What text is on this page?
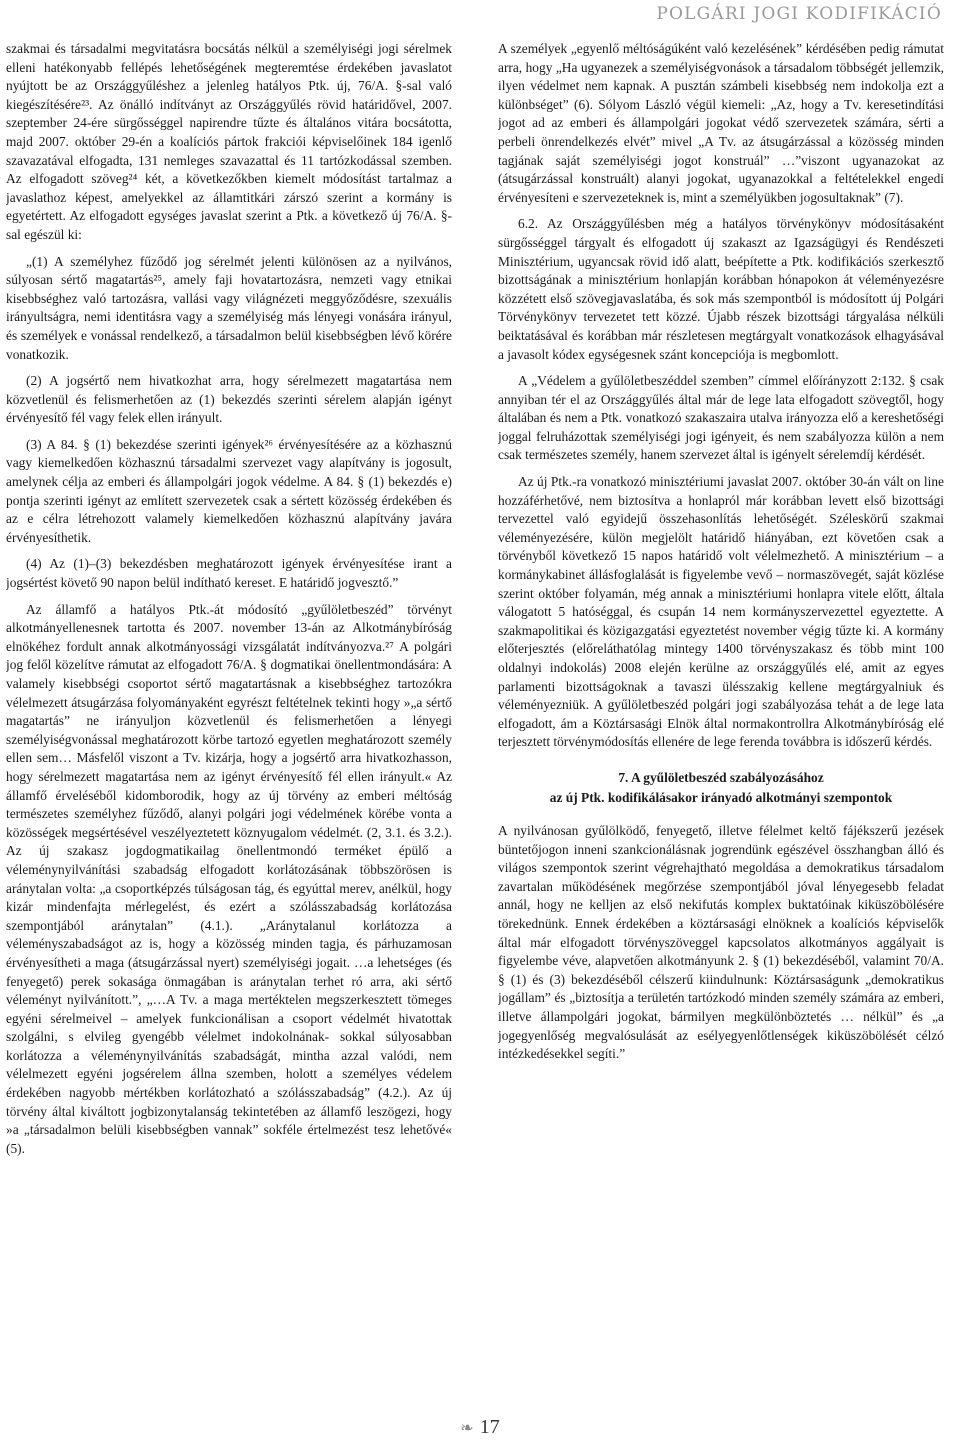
POLGÁRI JOGI KODIFIKÁCIÓ

szakmai és társadalmi megvitatásra bocsátás nélkül a személyiségi jogi sérelmek elleni hatékonyabb fellépés lehetőségének megteremtése érdekében javaslatot nyújtott be az Országgyűléshez a jelenleg hatályos Ptk. új, 76/A. §-sal való kiegészítésére²³. Az önálló indítványt az Országgyűlés rövid határidővel, 2007. szeptember 24-ére sürgősséggel napirendre tűzte és általános vitára bocsátotta, majd 2007. október 29-én a koalíciós pártok frakciói képviselőinek 184 igenlő szavazatával elfogadta, 131 nemleges szavazattal és 11 tartózkodással szemben. Az elfogadott szöveg²⁴ két, a következőkben kiemelt módosítást tartalmaz a javaslathoz képest, amelyekkel az államtitkári zárszó szerint a kormány is egyetértett. Az elfogadott egységes javaslat szerint a Ptk. a következő új 76/A. §-sal egészül ki:

„(1) A személyhez fűződő jog sérelmét jelenti különösen az a nyilvános, súlyosan sértő magatartás²⁵, amely faji hovatartozásra, nemzeti vagy etnikai kisebbséghez való tartozásra, vallási vagy világnézeti meggyőződésre, szexuális irányultságra, nemi identitásra vagy a személyiség más lényegi vonására irányul, és személyek e vonással rendelkező, a társadalmon belül kisebbségben lévő körére vonatkozik.

(2) A jogsértő nem hivatkozhat arra, hogy sérelmezett magatartása nem közvetlenül és felismerhetően az (1) bekezdés szerinti sérelem alapján igényt érvényesítő fél vagy felek ellen irányult.

(3) A 84. § (1) bekezdése szerinti igények²⁶ érvényesítésére az a közhasznú vagy kiemelkedően közhasznú társadalmi szervezet vagy alapítvány is jogosult, amelynek célja az emberi és állampolgári jogok védelme. A 84. § (1) bekezdés e) pontja szerinti igényt az említett szervezetek csak a sértett közösség érdekében és az e célra létrehozott valamely kiemelkedően közhasznú alapítvány javára érvényesíthetik.

(4) Az (1)–(3) bekezdésben meghatározott igények érvényesítése irant a jogsértést követő 90 napon belül indítható kereset. E határidő jogvesztő.”

Az államfő a hatályos Ptk.-át módosító „gyűlöletbeszéd” törvényt alkotmányellenesnek tartotta és 2007. november 13-án az Alkotmánybíróság elnökéhez fordult annak alkotmányossági vizsgálatát indítványozva.²⁷ A polgári jog felől közelítve rámutat az elfogadott 76/A. § dogmatikai önellentmondására: A valamely kisebbségi csoportot sértő magatartásnak a kisebbséghez tartozókra vélelmezett átsugárzása folyományaként egyrészt feltételnek tekinti hogy »„a sértő magatartás” ne irányuljon közvetlenül és felismerhetően a lényegi személyiségvonással meghatározott körbe tartozó egyetlen meghatározott személy ellen sem… Másfelől viszont a Tv. kizárja, hogy a jogsértő arra hivatkozhasson, hogy sérelmezett magatartása nem az igényt érvényesítő fél ellen irányult.« Az államfő érveléséből kidomborodik, hogy az új törvény az emberi méltóság természetes személyhez fűződő, alanyi polgári jogi védelmének körébe vonta a közösségek megsértésével veszélyeztetett köznyugalom védelmét. (2, 3.1. és 3.2.). Az új szakasz jogdogmatikailag önellentmondó terméket épülő a véleménynyilvánítási szabadság elfogadott korlátozásának többszörösen is aránytalan volta: „a csoportképzés túlságosan tág, és egyúttal merev, anélkül, hogy kizár mindenfajta mérlegelést, és ezért a szólásszabadság korlátozása szempontjából aránytalan” (4.1.). „Aránytalanul korlátozza a véleményszabadságot az is, hogy a közösség minden tagja, és párhuzamosan érvényesítheti a maga (átsugárzással nyert) személyiségi jogait. …a lehetséges (és fenyegető) perek sokasága önmagában is aránytalan terhet ró arra, aki sértő véleményt nyilvánított.”, „…A Tv. a maga mertéktelen megszerkesztett tömeges egyéni sérelmeivel – amelyek funkcionálisan a csoport védelmét hivatottak szolgálni, s elvileg gyengébb vélelmet indokolnának- sokkal súlyosabban korlátozza a véleménynyilvánítás szabadságát, mintha azzal valódi, nem vélelmezett egyéni jogsérelem állna szemben, holott a személyes védelem érdekében nagyobb mértékben korlátozható a szólásszabadság” (4.2.). Az új törvény által kiváltott jogbizonytalanság tekintetében az államfő leszögezi, hogy »a „társadalmon belüli kisebbségben vannak” sokféle értelmezést tesz lehetővé« (5).

A személyek „egyenlő méltóságúként való kezelésének” kérdésében pedig rámutat arra, hogy „Ha ugyanezek a személyiségvonások a társadalom többségét jellemzik, ilyen védelmet nem kapnak. A pusztán számbeli kisebbség nem indokolja ezt a különbséget” (6). Sólyom László végül kiemeli: „Az, hogy a Tv. keresetindítási jogot ad az emberi és állampolgári jogokat védő szervezetek számára, sérti a perbeli önrendelkezés elvét” mivel „A Tv. az átsugárzással a közösség minden tagjának saját személyiségi jogot konstruál” …”viszont ugyanazokat az (átsugárzással konstruált) alanyi jogokat, ugyanazokkal a feltételekkel engedi érvényesíteni e szervezeteknek is, mint a személyükben jogosultaknak” (7).

6.2. Az Országgyűlésben még a hatályos törvénykönyv módosításaként sürgősséggel tárgyalt és elfogadott új szakaszt az Igazságügyi és Rendészeti Minisztérium, ugyancsak rövid idő alatt, beépítette a Ptk. kodifikációs szerkesztő bizottságának a minisztérium honlapján korábban hónapokon át véleményezésre közzétett első szövegjavaslatába, és sok más szempontból is módosított új Polgári Törvénykönyv tervezetet tett közzé. Újabb részek bizottsági tárgyalása nélküli beiktatásával és korábban már részletesen megtárgyalt vonatkozások elhagyásával a javasolt kódex egységesnek szánt koncepciója is megbomlott.

A „Védelem a gyűlöletbeszéddel szemben” címmel előírányzott 2:132. § csak annyiban tér el az Országgyűlés által már de lege lata elfogadott szövegtől, hogy általában és nem a Ptk. vonatkozó szakaszaira utalva irányozza elő a kereshetőségi joggal felruházottak személyiségi jogi igényeit, és nem szabályozza külön a nem csak természetes személy, hanem szervezet által is igényelt sérelemdíj kérdését.

Az új Ptk.-ra vonatkozó minisztériumi javaslat 2007. október 30-án vált on line hozzáférhetővé, nem biztosítva a honlapról már korábban levett első bizottsági tervezettel való egyidejű összehasonlítás lehetőségét. Széleskörű szakmai véleményezésére, külön megjelölt határidő hiányában, ezt követően csak a törvényből következő 15 napos határidő volt vélelmezhető. A minisztérium – a kormánykabinet állásfoglalását is figyelembe vevő – normaszövegét, saját közlése szerint október folyamán, még annak a minisztériumi honlapra vitele előtt, általa válogatott 5 hatóséggal, és csupán 14 nem kormányszervezettel egyeztette. A szakmapolitikai és közigazgatási egyeztetést november végig tűzte ki. A kormány előterjesztés (előreláthatólag mintegy 1400 törvényszakasz és több mint 100 oldalnyi indokolás) 2008 elején kerülne az országgyűlés elé, amit az egyes parlamenti bizottságoknak a tavaszi ülésszakig kellene megtárgyalniuk és véleményezniük. A gyűlöletbeszéd polgári jogi szabályozása tehát a de lege lata elfogadott, ám a Köztársasági Elnök által normakontrollra Alkotmánybíróság elé terjesztett törvénymódosítás ellenére de lege ferenda továbbra is időszerű kérdés.

7. A gyűlöletbeszéd szabályozásához
az új Ptk. kodifikálásakor irányadó alkotmányi szempontok

A nyilvánosan gyűlölködő, fenyegető, illetve félelmet keltő fájékszerű jezések büntetőjogon inneni szankcionálásnak jogrendünk egészével összhangban álló és világos szempontok szerint végrehajtható megoldása a demokratikus társadalom zavartalan működésének megőrzése szempontjából jóval lényegesebb feladat annál, hogy ne kelljen az első nekifutás komplex buktatóinak kiküszöbölésére törekednünk. Ennek érdekében a köztársasági elnöknek a koalíciós képviselők által már elfogadott törvényszöveggel kapcsolatos alkotmányos aggályait is figyelembe véve, alapvetően alkotmányunk 2. § (1) bekezdéséből, valamint 70/A. § (1) és (3) bekezdéséből célszerű kiindulnunk: Köztársaságunk „demokratikus jogállam” és „biztosítja a területén tartózkodó minden személy számára az emberi, illetve állampolgári jogokat, bármilyen megkülönböztetés … nélkül” és „a jogegyenlőség megvalósulását az esélyegyenlőtlenségek kiküszöbölését célzó intézkedésekkel segíti.”

❧ 17
